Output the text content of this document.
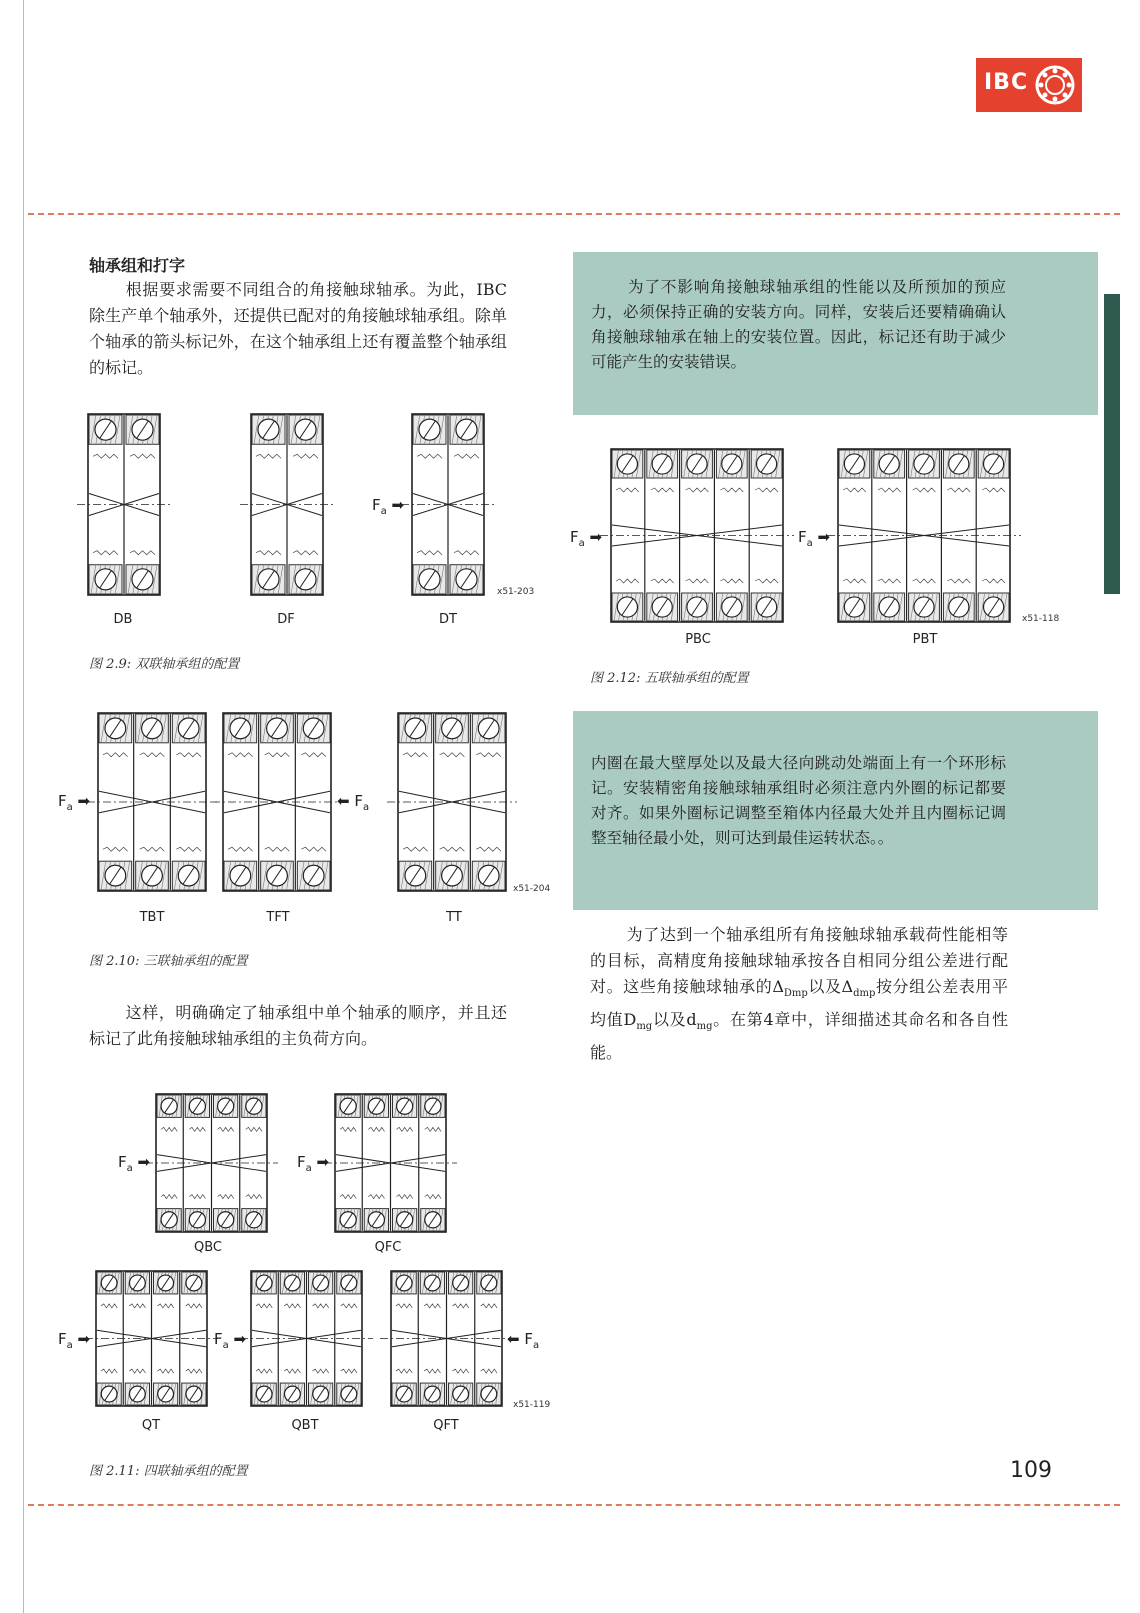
IBC
轴承组和打字
根据要求需要不同组合的角接触球轴承。为此，IBC除生产单个轴承外，还提供已配对的角接触球轴承组。除单个轴承的箭头标记外，在这个轴承组上还有覆盖整个轴承组的标记。
为了不影响角接触球轴承组的性能以及所预加的预应力，必须保持正确的安装方向。同样，安装后还要精确确认角接触球轴承在轴上的安装位置。因此，标记还有助于减少可能产生的安装错误。
内圈在最大壁厚处以及最大径向跳动处端面上有一个环形标记。安装精密角接触球轴承组时必须注意内外圈的标记都要对齐。如果外圈标记调整至箱体内径最大处并且内圈标记调整至轴径最小处，则可达到最佳运转状态。。
为了达到一个轴承组所有角接触球轴承载荷性能相等的目标，高精度角接触球轴承按各自相同分组公差进行配对。这些角接触球轴承的$\Delta_{Dmp}$以及$\Delta_{dmp}$按分组公差表用平均值$D_{mg}$以及$d_{mg}$。在第4章中，详细描述其命名和各自性能。
这样，明确确定了轴承组中单个轴承的顺序，并且还标记了此角接触球轴承组的主负荷方向。
DB	DF	DT
x51-203
图 2.9: 双联轴承组的配置
TBT	TFT	TT
x51-204
图 2.10: 三联轴承组的配置
QBC	QFC
QT	QBT	QFT
x51-119
图 2.11: 四联轴承组的配置
PBC	PBT
x51-118
图 2.12: 五联轴承组的配置
109
$F_a$ ➡
$F_a$ ➡	⬅ $F_a$
$F_a$ ➡	$F_a$ ➡
$F_a$ ➡	$F_a$ ➡	⬅ $F_a$
$F_a$ ➡	$F_a$ ➡
